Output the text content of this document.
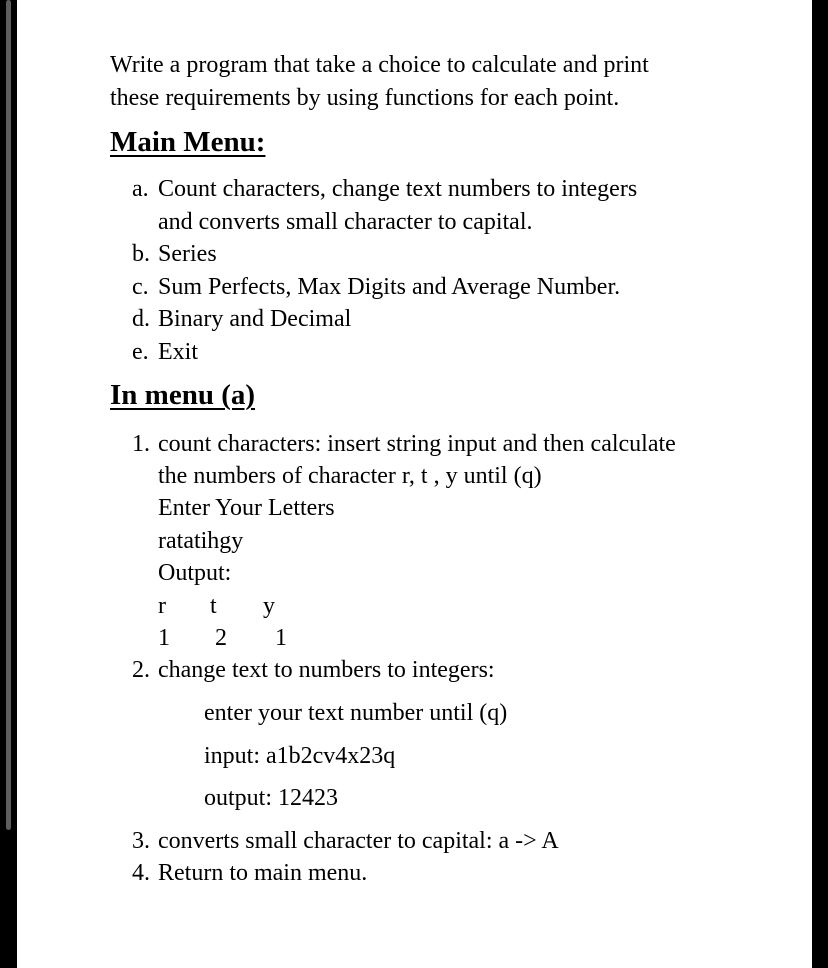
Write a program that take a choice to calculate and print
these requirements by using functions for each point.
Main Menu:
a. Count characters, change text numbers to integers
and converts small character to capital.
b. Series
c. Sum Perfects, Max Digits and Average Number.
d. Binary and Decimal
e. Exit
In menu (a)
1. count characters: insert string input and then calculate
the numbers of character r, t , y until (q)
Enter Your Letters
ratatihgy
Output:
r t y
1 2 1
2. change text to numbers to integers:
enter your text number until (q)
input: a1b2cv4x23q
output: 12423
3. converts small character to capital: a -> A
4. Return to main menu.
